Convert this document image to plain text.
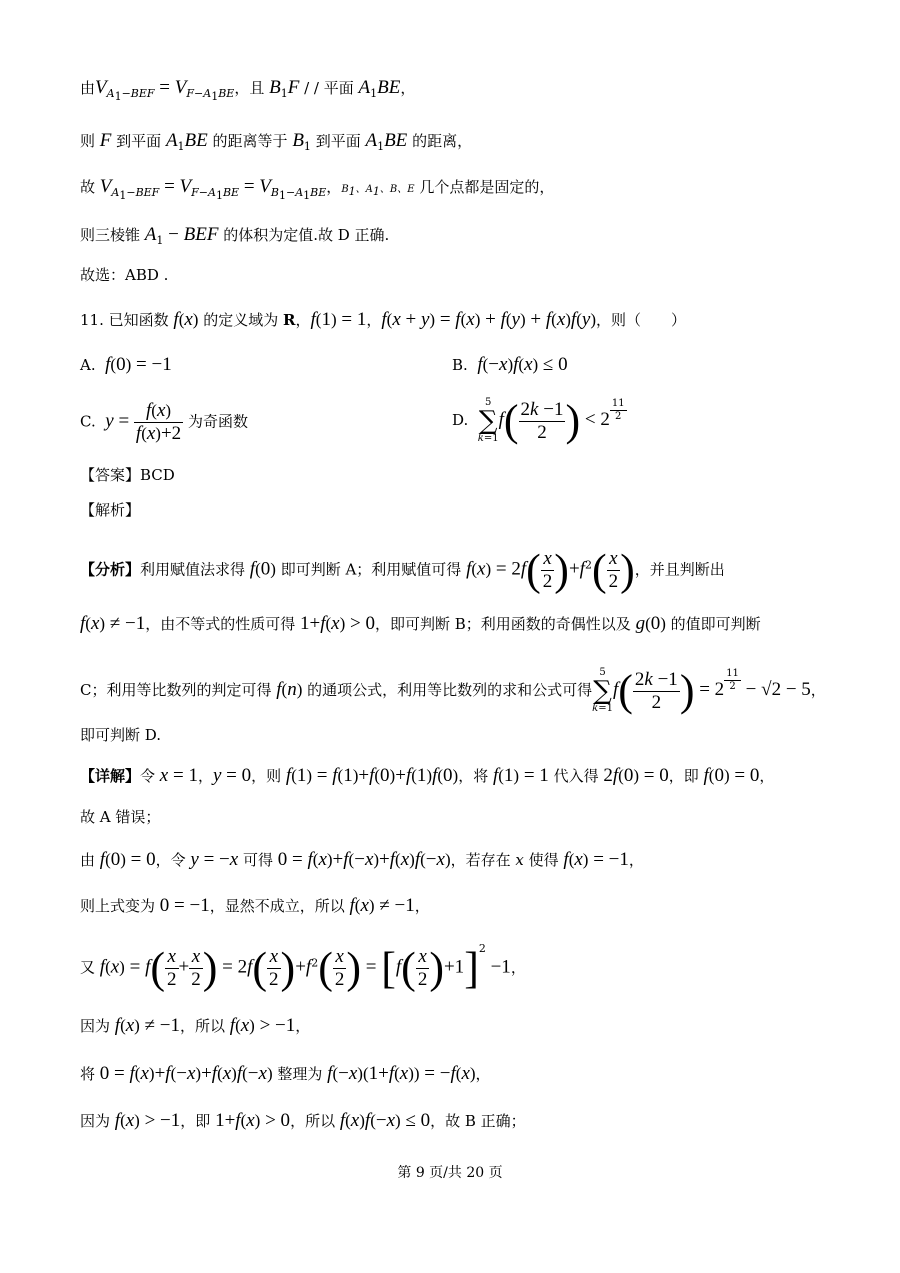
由$V_{A_1-BEF} = V_{F-A_1BE}$，且 $B_1F$ / / 平面 $A_1BE$，
则 F 到平面 $A_1BE$ 的距离等于 $B_1$ 到平面 $A_1BE$ 的距离，
故 $V_{A_1-BEF} = V_{F-A_1BE} = V_{B_1-A_1BE}$，$B_1$、$A_1$、B、E 几个点都是固定的，
则三棱锥 $A_1$ − BEF 的体积为定值.故 D 正确.
故选：ABD .
11. 已知函数 f(x) 的定义域为 R，f(1) = 1，f(x + y) = f(x) + f(y) + f(x)f(y)，则（　　）
A.  f(0) = −1	B.  f(−x)f(x) ≤ 0
C.  $y = \frac{f(x)}{f(x)+2}$ 为奇函数	D.
5
∑
k=1
$f( \frac{2k -1}{2}$ ) < 2 $^{\frac{11}{2}}$
【答案】BCD
【解析】
【分析】利用赋值法求得 f(0) 即可判断 A；利用赋值可得 $f(x) = 2f( \frac{x}{2} )+f^2( \frac{x}{2}$ )，并且判断出
f(x) ≠ −1，由不等式的性质可得 1+f(x) > 0，即可判断 B；利用函数的奇偶性以及 g(0) 的值即可判断
C；利用等比数列的判定可得 f(n) 的通项公式，利用等比数列的求和公式可得
5
∑
k=1
$f( \frac{2k -1}{2}$ ) = 2 $^{\frac{11}{2}}$ − √2 − 5，
即可判断 D.
【详解】令 x = 1，y = 0，则 f(1) = f(1)+f(0)+f(1)f(0)，将 f(1) = 1 代入得 2f(0) = 0，即 f(0) = 0，
故 A 错误；
由 f(0) = 0，令 y = −x 可得 0 = f(x)+f(−x)+f(x)f(−x)，若存在 x 使得 f(x) = −1，
则上式变为 0 = −1，显然不成立，所以 f(x) ≠ −1，
又 $f(x) = f( \frac{x}{2} + \frac{x}{2}$ ) = $2f( \frac{x}{2} )+f^2( \frac{x}{2}$ ) = $[f( \frac{x}{2} )+1]^2 -1$，
因为 f(x) ≠ −1，所以 f(x) > −1，
将 0 = f(x)+f(−x)+f(x)f(−x) 整理为 f(−x)(1+f(x)) = −f(x)，
因为 f(x) > −1，即 1+f(x) > 0，所以 f(x)f(−x) ≤ 0，故 B 正确；
第 9 页/共 20 页
